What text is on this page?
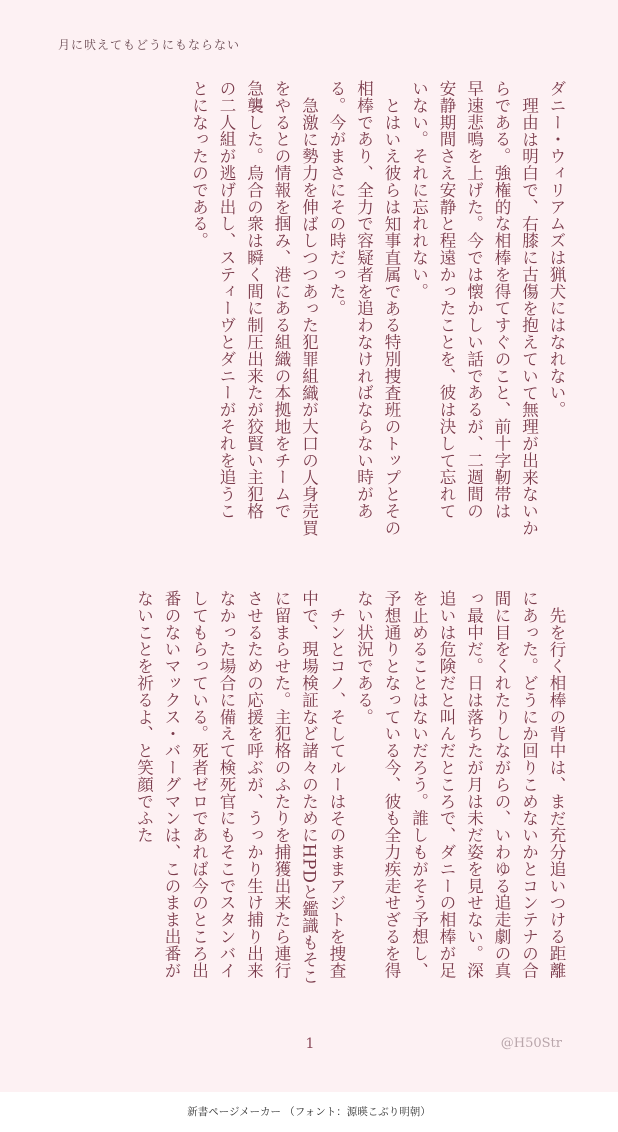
月に吠えてもどうにもならない

ダニー・ウィリアムズは猟犬にはなれない。

理由は明白で、右膝に古傷を抱えていて無理が出来ないからである。強権的な相棒を得てすぐのこと、前十字靭帯は早速悲鳴を上げた。今では懐かしい話であるが、二週間の安静期間さえ安静と程遠かったことを、彼は決して忘れていない。それに忘れれない。

とはいえ彼らは知事直属である特別捜査班のトップとその相棒であり、全力で容疑者を追わなければならない時がある。今がまさにその時だった。

急激に勢力を伸ばしつつあった犯罪組織が大口の人身売買をやるとの情報を掴み、港にある組織の本拠地をチームで急襲した。烏合の衆は瞬く間に制圧出来たが狡賢い主犯格の二人組が逃げ出し、スティーヴとダニーがそれを追うことになったのである。

先を行く相棒の背中は、まだ充分追いつける距離にあった。どうにか回りこめないかとコンテナの合間に目をくれたりしながらの、いわゆる追走劇の真っ最中だ。日は落ちたが月は未だ姿を見せない。深追いは危険だと叫んだところで、ダニーの相棒が足を止めることはないだろう。誰しもがそう予想し、予想通りとなっている今、彼も全力疾走せざるを得ない状況である。

チンとコノ、そしてルーはそのままアジトを捜査中で、現場検証など諸々のためにHPDと鑑識もそこに留まらせた。主犯格のふたりを捕獲出来たら連行させるための応援を呼ぶが、うっかり生け捕り出来なかった場合に備えて検死官にもそこでスタンバイしてもらっている。死者ゼロであれば今のところ出番のないマックス・バーグマンは、このまま出番がないことを祈るよ、と笑顔でふた

1	@H50Str
新書ページメーカー （フォント：源暎こぶり明朝）
